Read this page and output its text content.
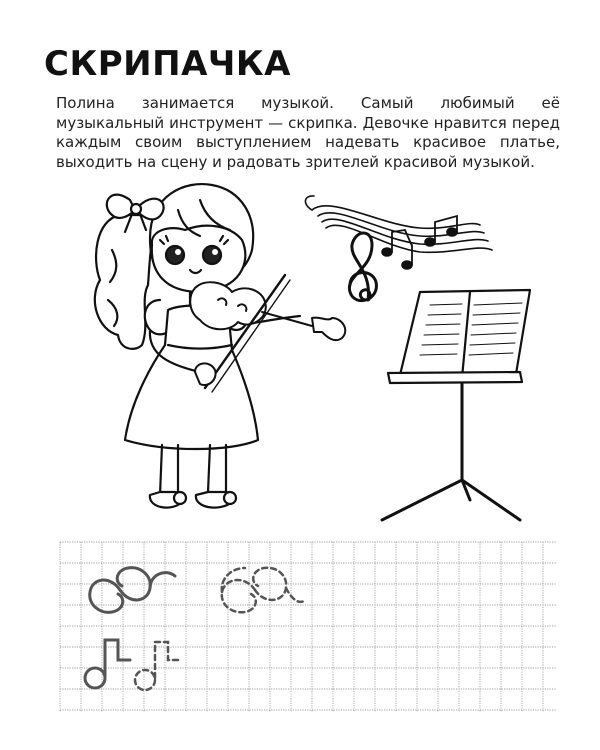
СКРИПАЧКА

Полина занимается музыкой. Самый любимый её музыкальный инструмент — скрипка. Девочке нравится перед каждым своим выступлением надевать красивое платье, выходить на сцену и радовать зрителей красивой музыкой.
